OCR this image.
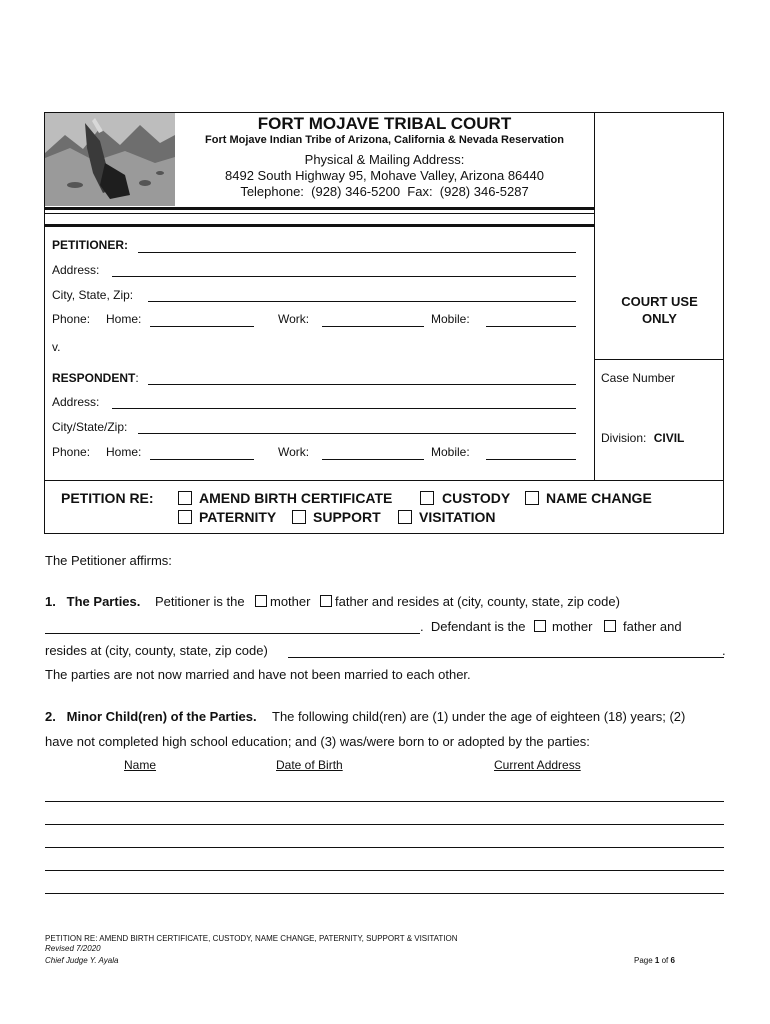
FORT MOJAVE TRIBAL COURT
Fort Mojave Indian Tribe of Arizona, California & Nevada Reservation
Physical & Mailing Address:
8492 South Highway 95, Mohave Valley, Arizona 86440
Telephone:  (928) 346-5200  Fax:  (928) 346-5287
PETITIONER:
Address:
City, State, Zip:
Phone: Home:	Work:	Mobile:
v.
RESPONDENT:
Address:
City/State/Zip:
Phone: Home:	Work:	Mobile:
COURT USE
ONLY
Case Number
Division: CIVIL
PETITION RE:	AMEND BIRTH CERTIFICATE	CUSTODY	NAME CHANGE
PATERNITY	SUPPORT	VISITATION
The Petitioner affirms:
1.   The Parties. Petitioner is the mother father and resides at (city, county, state, zip code)
.  Defendant is the mother father and
resides at (city, county, state, zip code)	.
The parties are not now married and have not been married to each other.
2.   Minor Child(ren) of the Parties. The following child(ren) are (1) under the age of eighteen (18) years; (2)
have not completed high school education; and (3) was/were born to or adopted by the parties:
Name	Date of Birth	Current Address
PETITION RE: AMEND BIRTH CERTIFICATE, CUSTODY, NAME CHANGE, PATERNITY, SUPPORT & VISITATION
Revised 7/2020
Chief Judge Y. Ayala	Page 1 of 6
